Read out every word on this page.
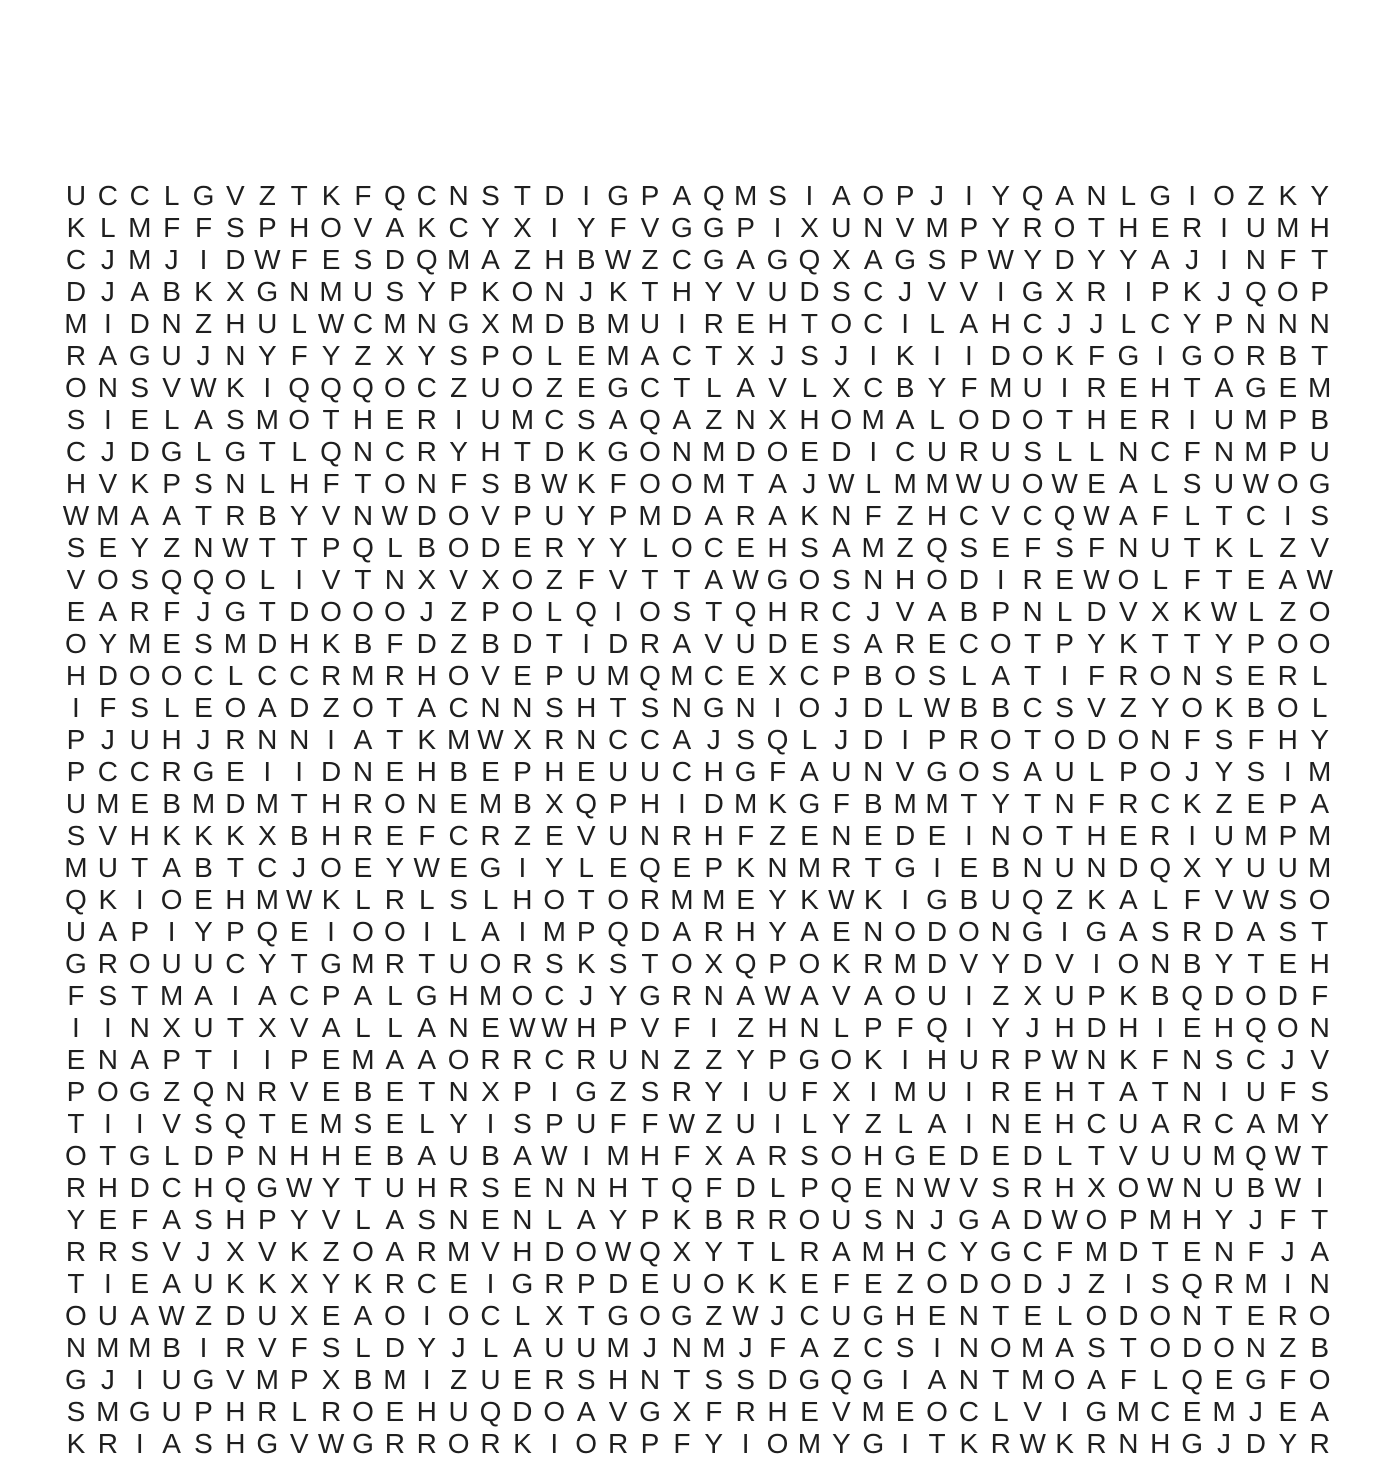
U C C L G V Z T K F Q C N S T D I G P A Q M S I A O P J I Y Q A N L G I O Z K Y
K L M F F S P H O V A K C Y X I Y F V G G P I X U N V M P Y R O T H E R I U M H
C J M J I D W F E S D Q M A Z H B W Z C G A G Q X A G S P W Y D Y Y A J I N F T
D J A B K X G N M U S Y P K O N J K T H Y V U D S C J V V I G X R I P K J Q O P
M I D N Z H U L W C M N G X M D B M U I R E H T O C I L A H C J J L C Y P N N N
R A G U J N Y F Y Z X Y S P O L E M A C T X J S J I K I I D O K F G I G O R B T
O N S V W K I Q Q Q O C Z U O Z E G C T L A V L X C B Y F M U I R E H T A G E M
S I E L A S M O T H E R I U M C S A Q A Z N X H O M A L O D O T H E R I U M P B
C J D G L G T L Q N C R Y H T D K G O N M D O E D I C U R U S L L N C F N M P U
H V K P S N L H F T O N F S B W K F O O M T A J W L M M W U O W E A L S U W O G
W M A A T R B Y V N W D O V P U Y P M D A R A K N F Z H C V C Q W A F L T C I S
S E Y Z N W T T P Q L B O D E R Y Y L O C E H S A M Z Q S E F S F N U T K L Z V
V O S Q Q O L I V T N X V X O Z F V T T A W G O S N H O D I R E W O L F T E A W
E A R F J G T D O O O J Z P O L Q I O S T Q H R C J V A B P N L D V X K W L Z O
O Y M E S M D H K B F D Z B D T I D R A V U D E S A R E C O T P Y K T T Y P O O
H D O O C L C C R M R H O V E P U M Q M C E X C P B O S L A T I F R O N S E R L
I F S L E O A D Z O T A C N N S H T S N G N I O J D L W B B C S V Z Y O K B O L
P J U H J R N N I A T K M W X R N C C A J S Q L J D I P R O T O D O N F S F H Y
P C C R G E I I D N E H B E P H E U U C H G F A U N V G O S A U L P O J Y S I M
U M E B M D M T H R O N E M B X Q P H I D M K G F B M M T Y T N F R C K Z E P A
S V H K K K X B H R E F C R Z E V U N R H F Z E N E D E I N O T H E R I U M P M
M U T A B T C J O E Y W E G I Y L E Q E P K N M R T G I E B N U N D Q X Y U U M
Q K I O E H M W K L R L S L H O T O R M M E Y K W K I G B U Q Z K A L F V W S O
U A P I Y P Q E I O O I L A I M P Q D A R H Y A E N O D O N G I G A S R D A S T
G R O U U C Y T G M R T U O R S K S T O X Q P O K R M D V Y D V I O N B Y T E H
F S T M A I A C P A L G H M O C J Y G R N A W A V A O U I Z X U P K B Q D O D F
I I N X U T X V A L L A N E W W H P V F I Z H N L P F Q I Y J H D H I E H Q O N
E N A P T I I P E M A A O R R C R U N Z Z Y P G O K I H U R P W N K F N S C J V
P O G Z Q N R V E B E T N X P I G Z S R Y I U F X I M U I R E H T A T N I U F S
T I I V S Q T E M S E L Y I S P U F F W Z U I L Y Z L A I N E H C U A R C A M Y
O T G L D P N H H E B A U B A W I M H F X A R S O H G E D E D L T V U U M Q W T
R H D C H Q G W Y T U H R S E N N H T Q F D L P Q E N W V S R H X O W N U B W I
Y E F A S H P Y V L A S N E N L A Y P K B R R O U S N J G A D W O P M H Y J F T
R R S V J X V K Z O A R M V H D O W Q X Y T L R A M H C Y G C F M D T E N F J A
T I E A U K K X Y K R C E I G R P D E U O K K E F E Z O D O D J Z I S Q R M I N
O U A W Z D U X E A O I O C L X T G O G Z W J C U G H E N T E L O D O N T E R O
N M M B I R V F S L D Y J L A U U M J N M J F A Z C S I N O M A S T O D O N Z B
G J I U G V M P X B M I Z U E R S H N T S S D G Q G I A N T M O A F L Q E G F O
S M G U P H R L R O E H U Q D O A V G X F R H E V M E O C L V I G M C E M J E A
K R I A S H G V W G R R O R K I O R P F Y I O M Y G I T K R W K R N H G J D Y R
